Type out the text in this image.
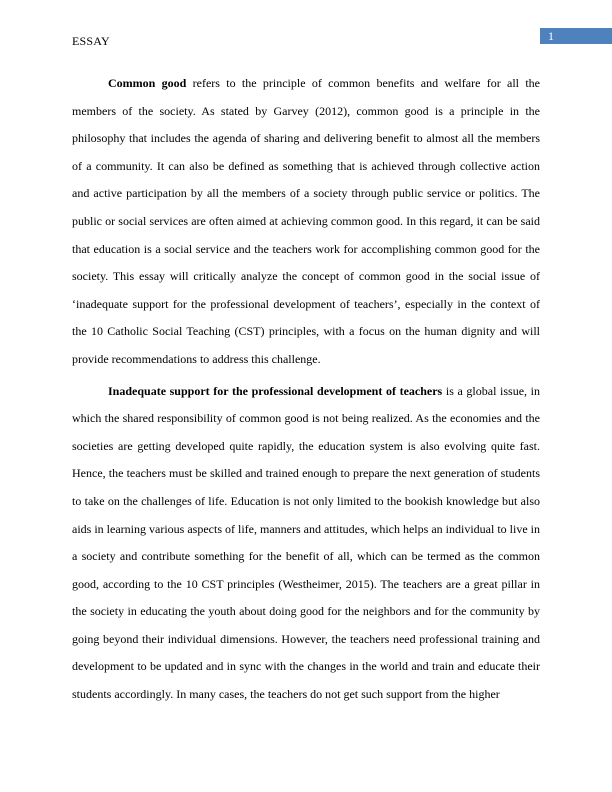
ESSAY	1

Common good refers to the principle of common benefits and welfare for all the members of the society. As stated by Garvey (2012), common good is a principle in the philosophy that includes the agenda of sharing and delivering benefit to almost all the members of a community. It can also be defined as something that is achieved through collective action and active participation by all the members of a society through public service or politics. The public or social services are often aimed at achieving common good. In this regard, it can be said that education is a social service and the teachers work for accomplishing common good for the society. This essay will critically analyze the concept of common good in the social issue of ‘inadequate support for the professional development of teachers’, especially in the context of the 10 Catholic Social Teaching (CST) principles, with a focus on the human dignity and will provide recommendations to address this challenge.

Inadequate support for the professional development of teachers is a global issue, in which the shared responsibility of common good is not being realized. As the economies and the societies are getting developed quite rapidly, the education system is also evolving quite fast. Hence, the teachers must be skilled and trained enough to prepare the next generation of students to take on the challenges of life. Education is not only limited to the bookish knowledge but also aids in learning various aspects of life, manners and attitudes, which helps an individual to live in a society and contribute something for the benefit of all, which can be termed as the common good, according to the 10 CST principles (Westheimer, 2015). The teachers are a great pillar in the society in educating the youth about doing good for the neighbors and for the community by going beyond their individual dimensions. However, the teachers need professional training and development to be updated and in sync with the changes in the world and train and educate their students accordingly. In many cases, the teachers do not get such support from the higher
